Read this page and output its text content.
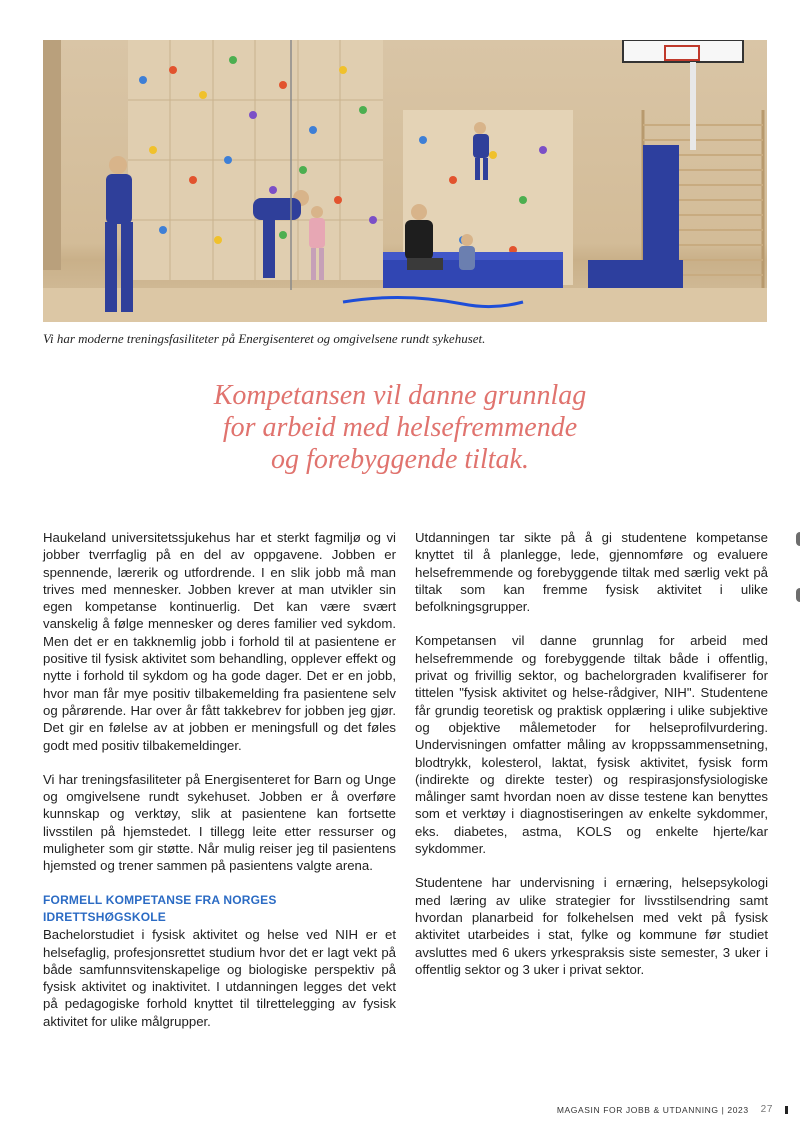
Vi har moderne treningsfasiliteter på Energisenteret og omgivelsene rundt sykehuset.
Kompetansen vil danne grunnlag
for arbeid med helsefremmende
og forebyggende tiltak.

Haukeland universitetssjukehus har et sterkt fagmiljø og vi jobber tverrfaglig på en del av oppgavene. Jobben er spennende, lærerik og utfordrende. I en slik jobb må man trives med mennesker. Jobben krever at man utvikler sin egen kompetanse kontinuerlig. Det kan være svært vanskelig å følge mennesker og deres familier ved sykdom. Men det er en takknemlig jobb i forhold til at pasientene er positive til fysisk aktivitet som behandling, opplever effekt og nytte i forhold til sykdom og ha gode dager. Det er en jobb, hvor man får mye positiv tilbakemelding fra pasientene selv og pårørende. Har over år fått takkebrev for jobben jeg gjør. Det gir en følelse av at jobben er meningsfull og det føles godt med positiv tilbakemeldinger.

Vi har treningsfasiliteter på Energisenteret for Barn og Unge og omgivelsene rundt sykehuset. Jobben er å overføre kunnskap og verktøy, slik at pasientene kan fortsette livsstilen på hjemstedet. I tillegg leite etter ressurser og muligheter som gir støtte. Når mulig reiser jeg til pasientens hjemsted og trener sammen på pasientens valgte arena.

FORMELL KOMPETANSE FRA NORGES IDRETTSHØGSKOLE

Bachelorstudiet i fysisk aktivitet og helse ved NIH er et helsefaglig, profesjonsrettet studium hvor det er lagt vekt på både samfunnsvitenskapelige og biologiske perspektiv på fysisk aktivitet og inaktivitet. I utdanningen legges det vekt på pedagogiske forhold knyttet til tilrettelegging av fysisk aktivitet for ulike målgrupper.

Utdanningen tar sikte på å gi studentene kompetanse knyttet til å planlegge, lede, gjennomføre og evaluere helsefremmende og forebyggende tiltak med særlig vekt på tiltak som kan fremme fysisk aktivitet i ulike befolkningsgrupper.

Kompetansen vil danne grunnlag for arbeid med helsefremmende og forebyggende tiltak både i offentlig, privat og frivillig sektor, og bachelorgraden kvalifiserer for tittelen "fysisk aktivitet og helse-rådgiver, NIH". Studentene får grundig teoretisk og praktisk opplæring i ulike subjektive og objektive målemetoder for helseprofilvurdering. Undervisningen omfatter måling av kroppssammensetning, blodtrykk, kolesterol, laktat, fysisk aktivitet, fysisk form (indirekte og direkte tester) og respirasjonsfysiologiske målinger samt hvordan noen av disse testene kan benyttes som et verktøy i diagnostiseringen av enkelte sykdommer, eks. diabetes, astma, KOLS og enkelte hjerte/kar sykdommer.

Studentene har undervisning i ernæring, helsepsykologi med læring av ulike strategier for livsstilsendring samt hvordan planarbeid for folkehelsen med vekt på fysisk aktivitet utarbeides i stat, fylke og kommune før studiet avsluttes med 6 ukers yrkespraksis siste semester, 3 uker i offentlig sektor og 3 uker i privat sektor.

MAGASIN FOR JOBB & UTDANNING | 2023 27
